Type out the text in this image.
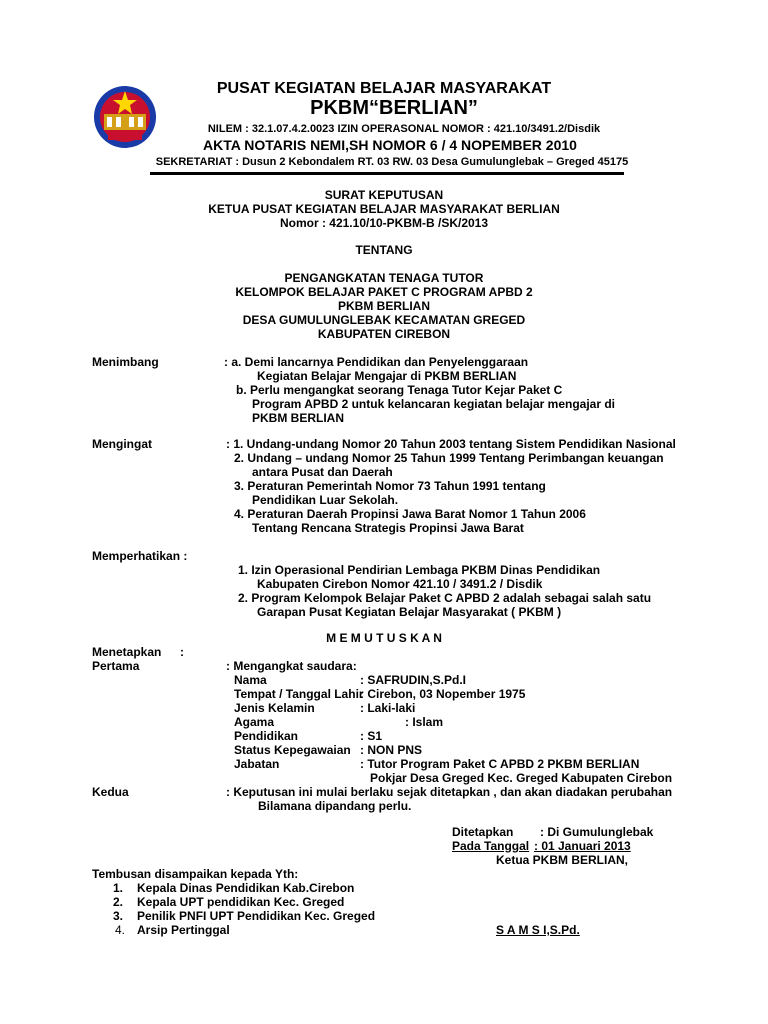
PUSAT KEGIATAN BELAJAR MASYARAKAT
PKBM“BERLIAN”
NILEM : 32.1.07.4.2.0023 IZIN OPERASONAL NOMOR : 421.10/3491.2/Disdik
AKTA NOTARIS NEMI,SH NOMOR 6 / 4 NOPEMBER 2010
SEKRETARIAT : Dusun 2 Kebondalem RT. 03 RW. 03 Desa Gumulunglebak – Greged 45175
SURAT KEPUTUSAN
KETUA PUSAT KEGIATAN BELAJAR MASYARAKAT BERLIAN
Nomor : 421.10/10-PKBM-B /SK/2013
TENTANG
PENGANGKATAN TENAGA TUTOR
KELOMPOK BELAJAR PAKET C PROGRAM APBD 2
PKBM BERLIAN
DESA GUMULUNGLEBAK KECAMATAN GREGED
KABUPATEN CIREBON
Menimbang	: a. Demi lancarnya Pendidikan dan Penyelenggaraan
Kegiatan Belajar Mengajar di PKBM BERLIAN
b. Perlu mengangkat seorang Tenaga Tutor Kejar Paket C
Program APBD 2 untuk kelancaran kegiatan belajar mengajar di
PKBM BERLIAN
Mengingat	: 1. Undang-undang Nomor 20 Tahun 2003 tentang Sistem Pendidikan Nasional
2. Undang – undang Nomor 25 Tahun 1999 Tentang Perimbangan keuangan
antara Pusat dan Daerah
3. Peraturan Pemerintah Nomor 73 Tahun 1991 tentang
Pendidikan Luar Sekolah.
4. Peraturan Daerah Propinsi Jawa Barat Nomor 1 Tahun 2006
Tentang Rencana Strategis Propinsi Jawa Barat
Memperhatikan :
1. Izin Operasional Pendirian Lembaga PKBM Dinas Pendidikan
Kabupaten Cirebon Nomor 421.10 / 3491.2 / Disdik
2. Program Kelompok Belajar Paket C APBD 2 adalah sebagai salah satu
Garapan Pusat Kegiatan Belajar Masyarakat ( PKBM )
M E M U T U S K A N
Menetapkan :
Pertama	: Mengangkat saudara:
Nama	: SAFRUDIN,S.Pd.I
Tempat / Tanggal Lahir
: Cirebon, 03 Nopember 1975
Jenis Kelamin	: Laki-laki
Agama	: Islam
Pendidikan	: S1
Status Kepegawaian : NON PNS
Jabatan	: Tutor Program Paket C APBD 2 PKBM BERLIAN
Pokjar Desa Greged Kec. Greged Kabupaten Cirebon
Kedua	: Keputusan ini mulai berlaku sejak ditetapkan , dan akan diadakan perubahan
Bilamana dipandang perlu.
Ditetapkan : Di Gumulunglebak
Pada Tanggal : 01 Januari 2013
Ketua PKBM BERLIAN,
Tembusan disampaikan kepada Yth:
1. Kepala Dinas Pendidikan Kab.Cirebon
2. Kepala UPT pendidikan Kec. Greged
3. Penilik PNFI UPT Pendidikan Kec. Greged
4. Arsip Pertinggal	S A M S I,S.Pd.
